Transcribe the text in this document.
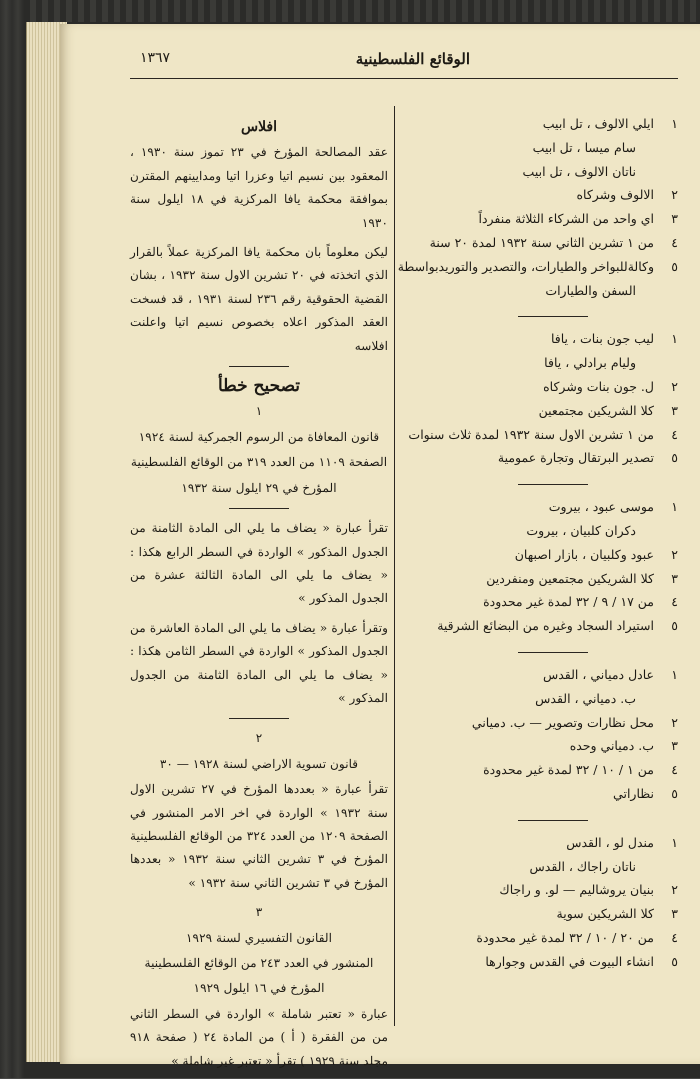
الوقائع الفلسطينية
١٣٦٧
١
ايلي الالوف ، تل ابيب
سام ميسا ، تل ابيب
ناتان الالوف ، تل ابيب
٢
الالوف وشركاه
٣
اي واحد من الشركاء الثلاثة منفرداً
٤
من ١ تشرين الثاني سنة ١٩٣٢ لمدة ٢٠ سنة
٥
وكالةللبواخر والطيارات، والتصدير والتوريدبواسطة
السفن والطيارات
١
ليب جون بنات ، يافا
وليام برادلي ، يافا
٢
ل. جون بنات وشركاه
٣
كلا الشريكين مجتمعين
٤
من ١ تشرين الاول سنة ١٩٣٢ لمدة ثلاث سنوات
٥
تصدير البرتقال وتجارة عمومية
١
موسى عبود ، بيروت
دكران كلبيان ، بيروت
٢
عبود وكلبيان ، بازار اصبهان
٣
كلا الشريكين مجتمعين ومنفردين
٤
من ١٧ / ٩ / ٣٢ لمدة غير محدودة
٥
استيراد السجاد وغيره من البضائع الشرقية
١
عادل دمياني ، القدس
ب. دمياني ، القدس
٢
محل نظارات وتصوير — ب. دمياني
٣
ب. دمياني وحده
٤
من ١ / ١٠ / ٣٢ لمدة غير محدودة
٥
نظاراتي
١
مندل لو ، القدس
ناتان راجاك ، القدس
٢
بنيان يروشاليم — لو. و راجاك
٣
كلا الشريكين سوية
٤
من ٢٠ / ١٠ / ٣٢ لمدة غير محدودة
٥
انشاء البيوت في القدس وجوارها
افلاس

عقد المصالحة المؤرخ في ٢٣ تموز سنة ١٩٣٠ ، المعقود بين نسيم اتيا وعزرا اتيا ومدايينهم المقترن بموافقة محكمة يافا المركزية في ١٨ ايلول سنة ١٩٣٠

ليكن معلوماً بان محكمة يافا المركزية عملاً بالقرار الذي اتخذته في ٢٠ تشرين الاول سنة ١٩٣٢ ، بشان القضية الحقوقية رقم ٢٣٦ لسنة ١٩٣١ ، قد فسخت العقد المذكور اعلاه بخصوص نسيم اتيا واعلنت افلاسه

تصحيح خطأ
١
قانون المعافاة من الرسوم الجمركية لسنة ١٩٢٤
الصفحة ١١٠٩ من العدد ٣١٩ من الوقائع الفلسطينية
المؤرخ في ٢٩ ايلول سنة ١٩٣٢

تقرأ عبارة « يضاف ما يلي الى المادة الثامنة من الجدول المذكور » الواردة في السطر الرابع هكذا : « يضاف ما يلي الى المادة الثالثة عشرة من الجدول المذكور »

وتقرأ عبارة « يضاف ما يلي الى المادة العاشرة من الجدول المذكور » الواردة في السطر الثامن هكذا : « يضاف ما يلي الى المادة الثامنة من الجدول المذكور »

٢
قانون تسوية الاراضي لسنة ١٩٢٨ — ٣٠

تقرأ عبارة « بعددها المؤرخ في ٢٧ تشرين الاول سنة ١٩٣٢ » الواردة في اخر الامر المنشور في الصفحة ١٢٠٩ من العدد ٣٢٤ من الوقائع الفلسطينية المؤرخ في ٣ تشرين الثاني سنة ١٩٣٢ « بعددها المؤرخ في ٣ تشرين الثاني سنة ١٩٣٢ »

٣
القانون التفسيري لسنة ١٩٢٩
المنشور في العدد ٢٤٣ من الوقائع الفلسطينية
المؤرخ في ١٦ ايلول ١٩٢٩

عبارة « تعتبر شاملة » الواردة في السطر الثاني من من الفقرة ( أ ) من المادة ٢٤ ( صفحة ٩١٨ مجلد سنة ١٩٢٩ ) تقرأ « تعتبر غير شاملة »
